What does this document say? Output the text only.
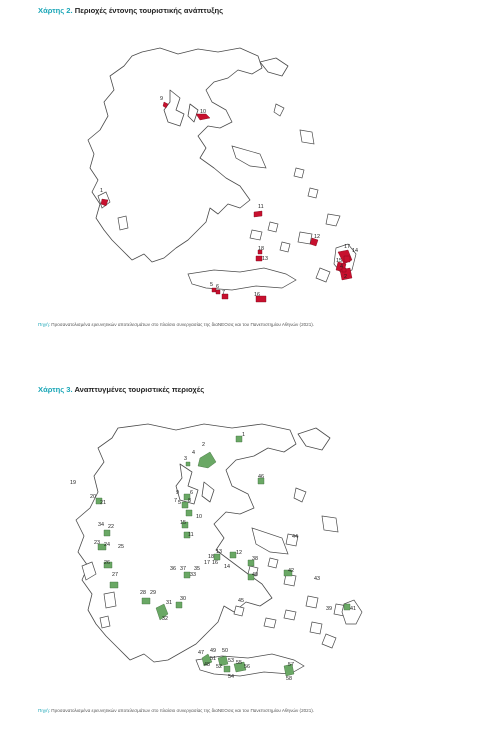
Χάρτης 2. Περιοχές έντονης τουριστικής ανάπτυξης
1
2
4
5 6
7
9
10
11
12
13
14
15
16
17
18
Πηγή: Προσανατολισμένα ερευνητικών αποτελεσμάτων στο πλαίσιο συνεργασίας της διαΝΕΟσις και του Πανεπιστημίου Αθηνών (2021).
Χάρτης 3. Αναπτυγμένες τουριστικές περιοχές
1
2
3
4
5
6
7 8
9
10
11
12
13
14
15
16
17
18
19
20
21
22
23 24 25
26
27
28 29
30
31
32
33
34
35
36 37
38
39
40
41
42
43
44
45
46
47
48
49 50
51
52
53
54
55
56	57
58
Πηγή: Προσανατολισμένα ερευνητικών αποτελεσμάτων στο πλαίσιο συνεργασίας της διαΝΕΟσις και του Πανεπιστημίου Αθηνών (2021).
